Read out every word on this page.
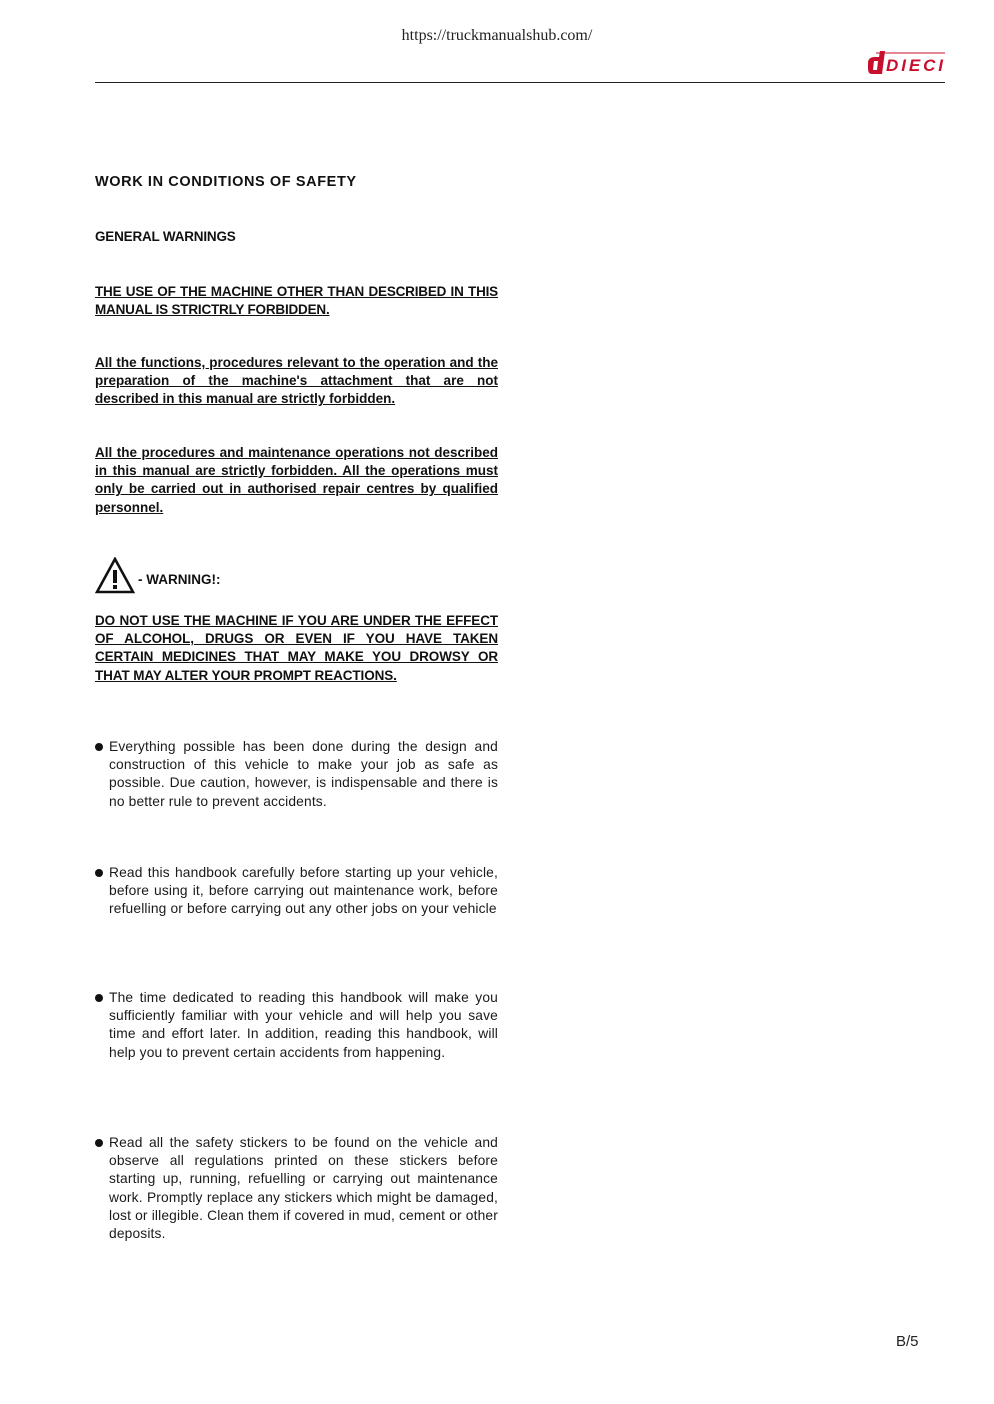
https://truckmanualshub.com/
DIECI
WORK IN CONDITIONS OF SAFETY
GENERAL WARNINGS
THE USE OF THE MACHINE OTHER THAN DESCRIBED IN THIS MANUAL IS STRICTRLY FORBIDDEN.
All the functions, procedures relevant to the operation and the preparation of the machine's attachment that are not described in this manual are strictly forbidden.
All the procedures and maintenance operations not described in this manual are strictly forbidden. All the operations must only be carried out in authorised repair centres by qualified personnel.
- WARNING!:
DO NOT USE THE MACHINE IF YOU ARE UNDER THE EFFECT OF ALCOHOL, DRUGS OR EVEN IF YOU HAVE TAKEN CERTAIN MEDICINES THAT MAY MAKE YOU DROWSY OR THAT MAY ALTER YOUR PROMPT REACTIONS.
Everything possible has been done during the design and construction of this vehicle to make your job as safe as possible. Due caution, however, is indispensable and there is no better rule to prevent accidents.
Read this handbook carefully before starting up your vehicle, before using it, before carrying out maintenance work, before refuelling or before carrying out any other jobs on your vehicle
The time dedicated to reading this handbook will make you sufficiently familiar with your vehicle and will help you save time and effort later. In addition, reading this handbook, will help you to prevent certain accidents from happening.
Read all the safety stickers to be found on the vehicle and observe all regulations printed on these stickers before starting up, running, refuelling or carrying out maintenance work. Promptly replace any stickers which might be damaged, lost or illegible. Clean them if covered in mud, cement or other deposits.
B/5
